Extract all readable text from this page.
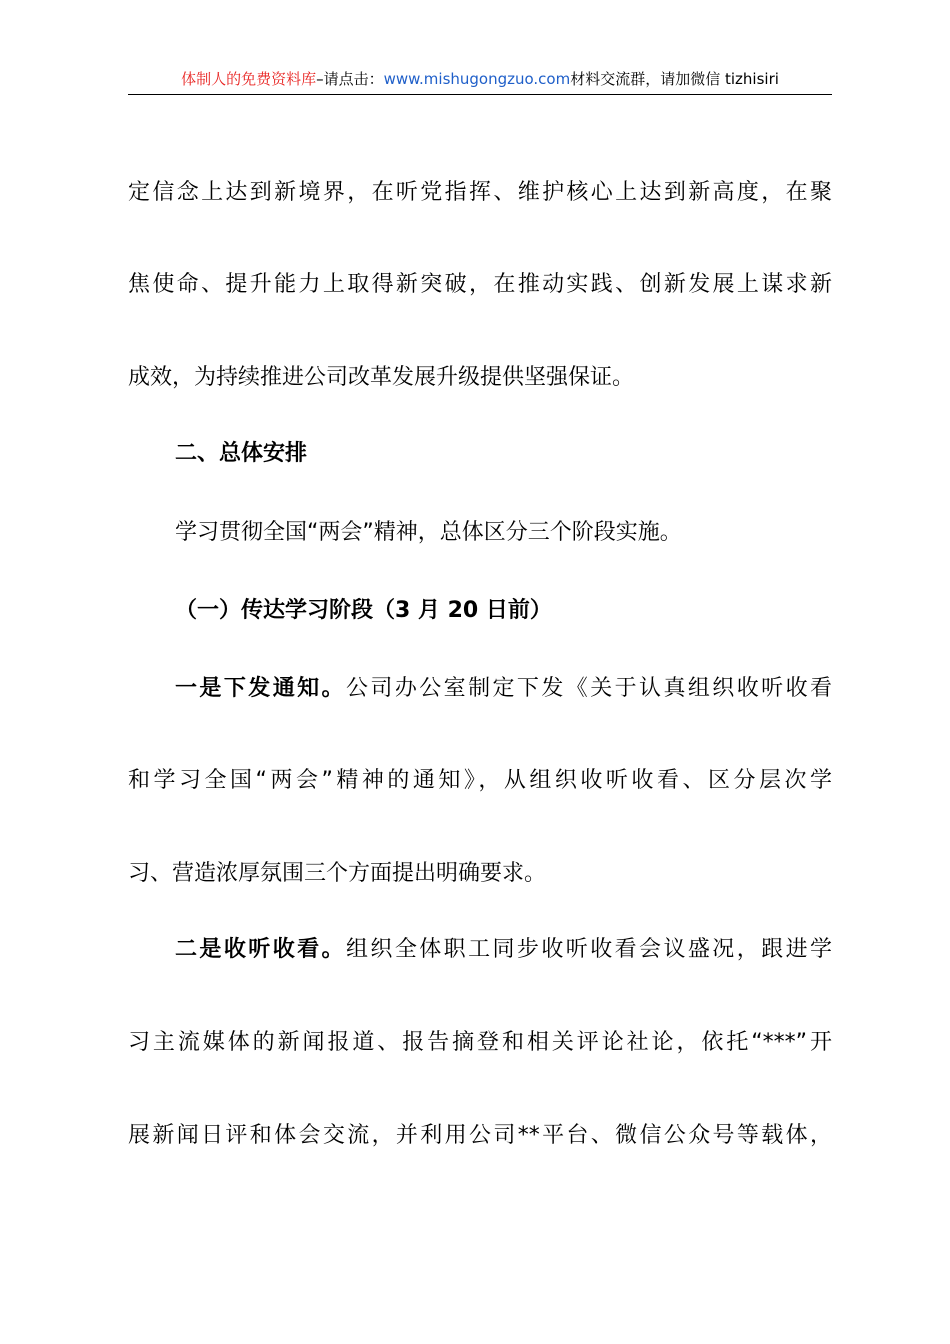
体制人的免费资料库–请点击：www.mishugongzuo.com材料交流群，请加微信 tizhisiri
定信念上达到新境界，在听党指挥、维护核心上达到新高度，在聚
焦使命、提升能力上取得新突破，在推动实践、创新发展上谋求新
成效，为持续推进公司改革发展升级提供坚强保证。
二、总体安排
学习贯彻全国“两会”精神，总体区分三个阶段实施。
（一）传达学习阶段（3 月 20 日前）
一是下发通知。公司办公室制定下发《关于认真组织收听收看
和学习全国“两会”精神的通知》，从组织收听收看、区分层次学
习、营造浓厚氛围三个方面提出明确要求。
二是收听收看。组织全体职工同步收听收看会议盛况，跟进学
习主流媒体的新闻报道、报告摘登和相关评论社论，依托“***”开
展新闻日评和体会交流，并利用公司**平台、微信公众号等载体，
